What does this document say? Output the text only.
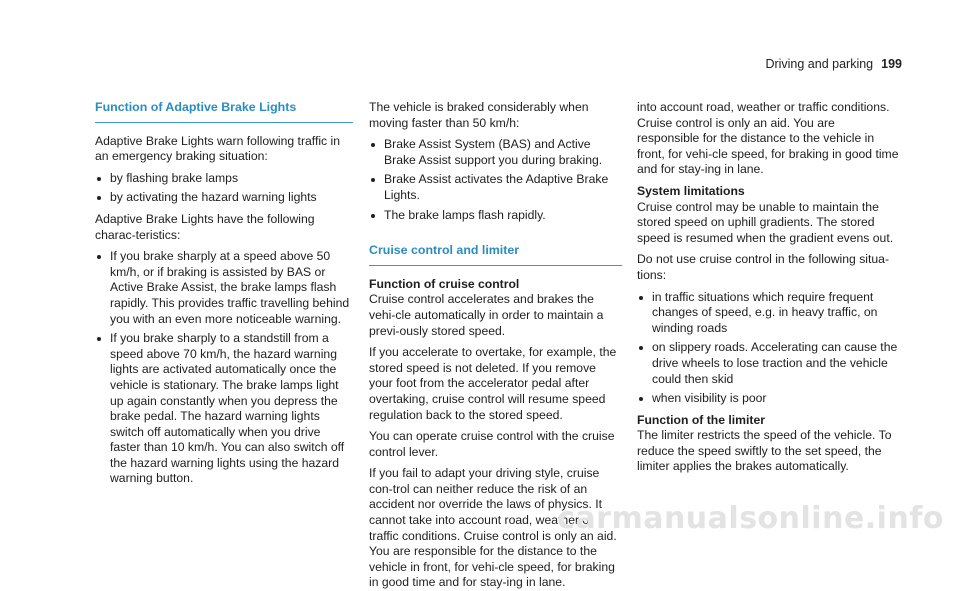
Driving and parking 199
Function of Adaptive Brake Lights

Adaptive Brake Lights warn following traffic in an emergency braking situation:

by flashing brake lamps
by activating the hazard warning lights

Adaptive Brake Lights have the following charac-teristics:

If you brake sharply at a speed above 50 km/h, or if braking is assisted by BAS or Active Brake Assist, the brake lamps flash rapidly. This provides traffic travelling behind you with an even more noticeable warning.
If you brake sharply to a standstill from a speed above 70 km/h, the hazard warning lights are activated automatically once the vehicle is stationary. The brake lamps light up again constantly when you depress the brake pedal. The hazard warning lights switch off automatically when you drive faster than 10 km/h. You can also switch off the hazard warning lights using the hazard warning button.

The vehicle is braked considerably when moving faster than 50 km/h:

Brake Assist System (BAS) and Active Brake Assist support you during braking.
Brake Assist activates the Adaptive Brake Lights.
The brake lamps flash rapidly.
Cruise control and limiter
Function of cruise control

Cruise control accelerates and brakes the vehi-cle automatically in order to maintain a previ-ously stored speed.

If you accelerate to overtake, for example, the stored speed is not deleted. If you remove your foot from the accelerator pedal after overtaking, cruise control will resume speed regulation back to the stored speed.

You can operate cruise control with the cruise control lever.

If you fail to adapt your driving style, cruise con-trol can neither reduce the risk of an accident nor override the laws of physics. It cannot take into account road, weather or traffic conditions. Cruise control is only an aid. You are responsible for the distance to the vehicle in front, for vehi-cle speed, for braking in good time and for stay-ing in lane.

into account road, weather or traffic conditions. Cruise control is only an aid. You are responsible for the distance to the vehicle in front, for vehi-cle speed, for braking in good time and for stay-ing in lane.

System limitations

Cruise control may be unable to maintain the stored speed on uphill gradients. The stored speed is resumed when the gradient evens out.

Do not use cruise control in the following situa-tions:

in traffic situations which require frequent changes of speed, e.g. in heavy traffic, on winding roads
on slippery roads. Accelerating can cause the drive wheels to lose traction and the vehicle could then skid
when visibility is poor
Function of the limiter

The limiter restricts the speed of the vehicle. To reduce the speed swiftly to the set speed, the limiter applies the brakes automatically.

carmanualsonline.info
